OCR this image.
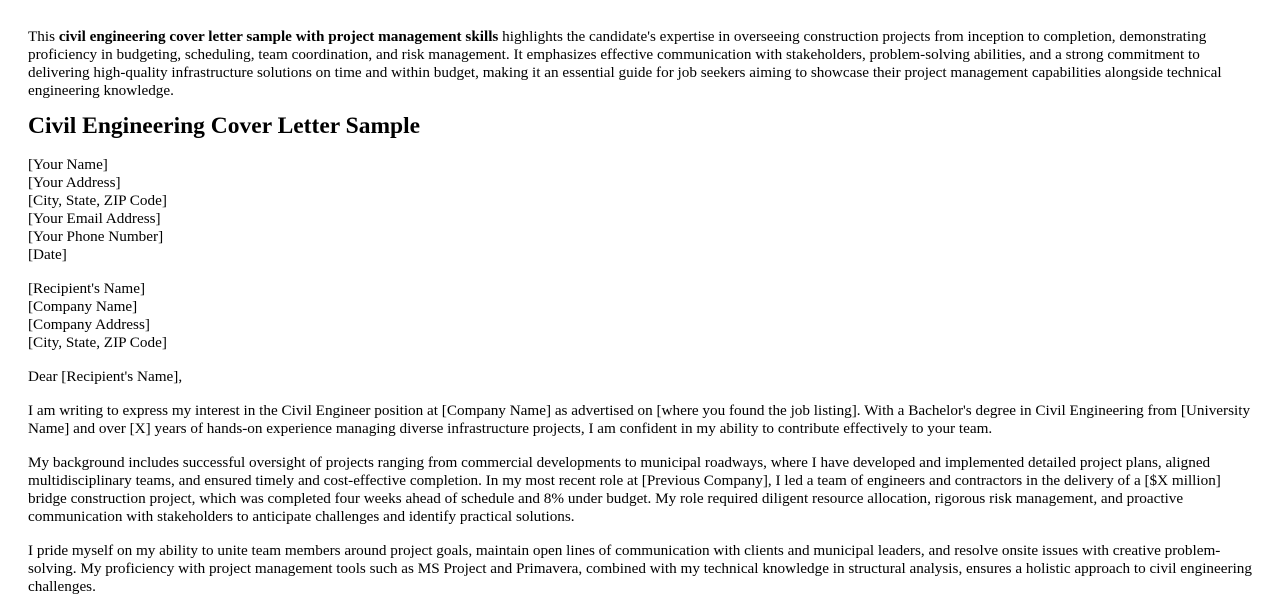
This civil engineering cover letter sample with project management skills highlights the candidate's expertise in overseeing construction projects from inception to completion, demonstrating proficiency in budgeting, scheduling, team coordination, and risk management. It emphasizes effective communication with stakeholders, problem-solving abilities, and a strong commitment to delivering high-quality infrastructure solutions on time and within budget, making it an essential guide for job seekers aiming to showcase their project management capabilities alongside technical engineering knowledge.

Civil Engineering Cover Letter Sample
[Your Name]
[Your Address]
[City, State, ZIP Code]
[Your Email Address]
[Your Phone Number]
[Date]
[Recipient's Name]
[Company Name]
[Company Address]
[City, State, ZIP Code]

Dear [Recipient's Name],

I am writing to express my interest in the Civil Engineer position at [Company Name] as advertised on [where you found the job listing]. With a Bachelor's degree in Civil Engineering from [University Name] and over [X] years of hands-on experience managing diverse infrastructure projects, I am confident in my ability to contribute effectively to your team.

My background includes successful oversight of projects ranging from commercial developments to municipal roadways, where I have developed and implemented detailed project plans, aligned multidisciplinary teams, and ensured timely and cost-effective completion. In my most recent role at [Previous Company], I led a team of engineers and contractors in the delivery of a [$X million] bridge construction project, which was completed four weeks ahead of schedule and 8% under budget. My role required diligent resource allocation, rigorous risk management, and proactive communication with stakeholders to anticipate challenges and identify practical solutions.

I pride myself on my ability to unite team members around project goals, maintain open lines of communication with clients and municipal leaders, and resolve onsite issues with creative problem-solving. My proficiency with project management tools such as MS Project and Primavera, combined with my technical knowledge in structural analysis, ensures a holistic approach to civil engineering challenges.
